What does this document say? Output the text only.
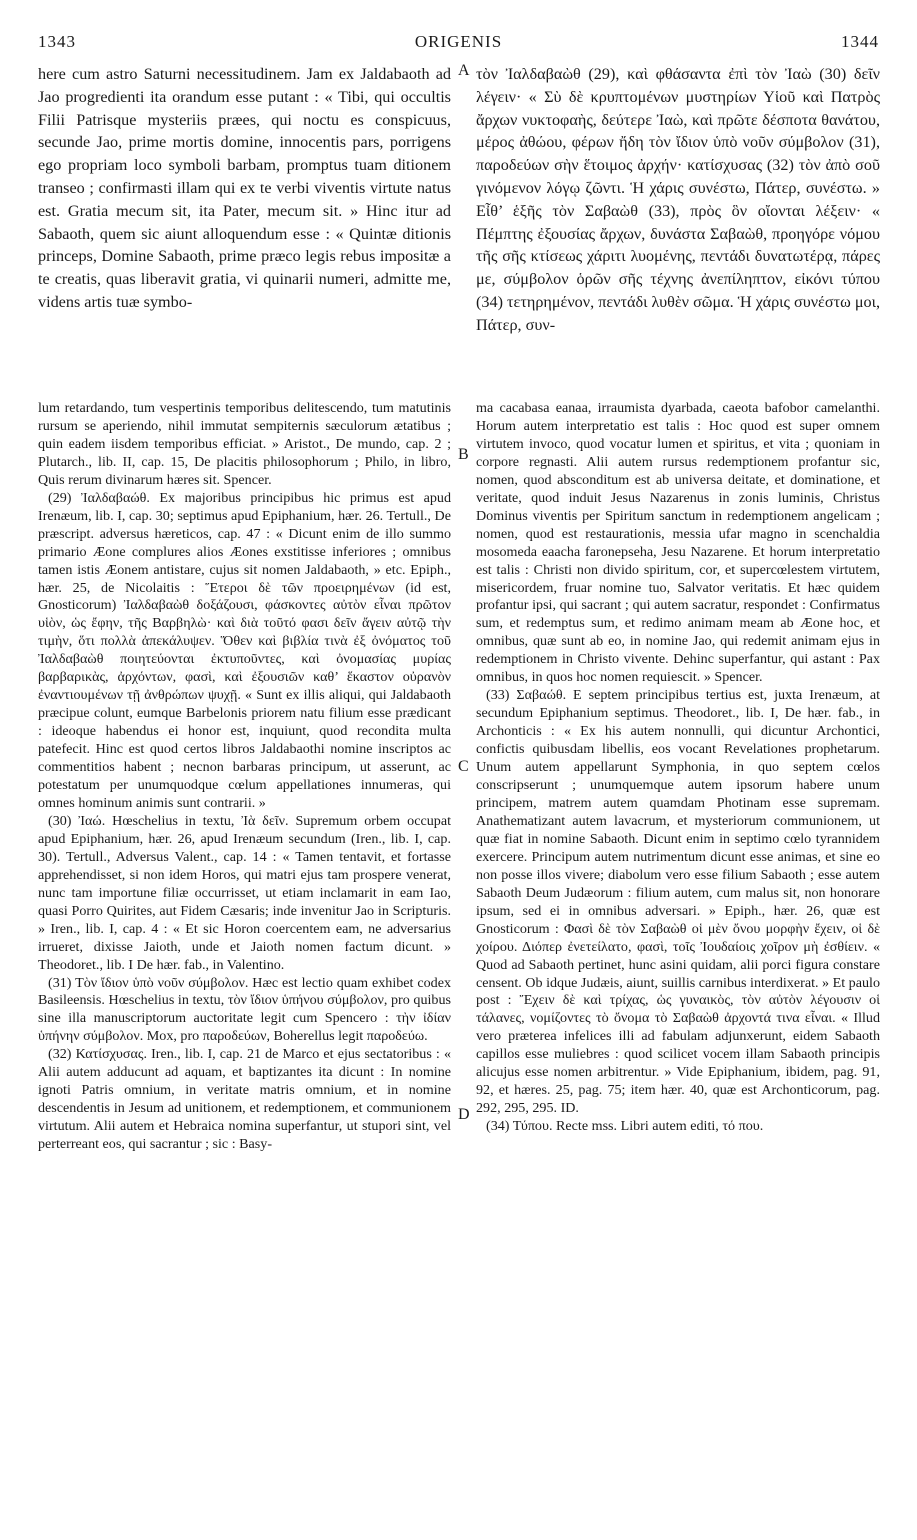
1343	ORIGENIS	1344
A
B
C
D

here cum astro Saturni necessitudinem. Jam ex Jaldabaoth ad Jao progredienti ita orandum esse putant : « Tibi, qui occultis Filii Patrisque mysteriis præes, qui noctu es conspicuus, secunde Jao, prime mortis domine, innocentis pars, porrigens ego propriam loco symboli barbam, promptus tuam ditionem transeo ; confirmasti illam qui ex te verbi viventis virtute natus est. Gratia mecum sit, ita Pater, mecum sit. » Hinc itur ad Sabaoth, quem sic aiunt alloquendum esse : « Quintæ ditionis princeps, Domine Sabaoth, prime præco legis rebus impositæ a te creatis, quas liberavit gratia, vi quinarii numeri, admitte me, videns artis tuæ symbo-

τὸν Ἰαλδαβαὼθ (29), καὶ φθάσαντα ἐπὶ τὸν Ἰαὼ (30) δεῖν λέγειν· « Σὺ δὲ κρυπτομένων μυστηρίων Υἱοῦ καὶ Πατρὸς ἄρχων νυκτοφαὴς, δεύτερε Ἰαὼ, καὶ πρῶτε δέσποτα θανάτου, μέρος ἀθώου, φέρων ἤδη τὸν ἴδιον ὑπὸ νοῦν σύμβολον (31), παροδεύων σὴν ἕτοιμος ἀρχήν· κατίσχυσας (32) τὸν ἀπὸ σοῦ γινόμενον λόγῳ ζῶντι. Ἡ χάρις συνέστω, Πάτερ, συνέστω. » Εἶθ’ ἑξῆς τὸν Σαβαὼθ (33), πρὸς ὃν οἴονται λέξειν· « Πέμπτης ἐξουσίας ἄρχων, δυνάστα Σαβαὼθ, προηγόρε νόμου τῆς σῆς κτίσεως χάριτι λυομένης, πεντάδι δυνατωτέρᾳ, πάρες με, σύμβολον ὁρῶν σῆς τέχνης ἀνεπίληπτον, εἰκόνι τύπου (34) τετηρημένον, πεντάδι λυθὲν σῶμα. Ἡ χάρις συνέστω μοι, Πάτερ, συν-

lum retardando, tum vespertinis temporibus delitescendo, tum matutinis rursum se aperiendo, nihil immutat sempiternis sæculorum ætatibus ; quin eadem iisdem temporibus efficiat. » Aristot., De mundo, cap. 2 ; Plutarch., lib. II, cap. 15, De placitis philosophorum ; Philo, in libro, Quis rerum divinarum hæres sit. Spencer.

(29) Ἰαλδαβαώθ. Ex majoribus principibus hic primus est apud Irenæum, lib. I, cap. 30; septimus apud Epiphanium, hær. 26. Tertull., De præscript. adversus hæreticos, cap. 47 : « Dicunt enim de illo summo primario Æone complures alios Æones exstitisse inferiores ; omnibus tamen istis Æonem antistare, cujus sit nomen Jaldabaoth, » etc. Epiph., hær. 25, de Nicolaitis : Ἕτεροι δὲ τῶν προειρημένων (id est, Gnosticorum) Ἰαλδαβαὼθ δοξάζουσι, φάσκοντες αὐτὸν εἶναι πρῶτον υἱὸν, ὡς ἔφην, τῆς Βαρβηλὼ· καὶ διὰ τοῦτό φασι δεῖν ἄγειν αὐτῷ τὴν τιμὴν, ὅτι πολλὰ ἀπεκάλυψεν. Ὅθεν καὶ βιβλία τινὰ ἐξ ὀνόματος τοῦ Ἰαλδαβαὼθ ποιητεύονται ἐκτυποῦντες, καὶ ὀνομασίας μυρίας βαρβαρικὰς, ἀρχόντων, φασὶ, καὶ ἐξουσιῶν καθ’ ἕκαστον οὐρανὸν ἐναντιουμένων τῇ ἀνθρώπων ψυχῇ. « Sunt ex illis aliqui, qui Jaldabaoth præcipue colunt, eumque Barbelonis priorem natu filium esse prædicant : ideoque habendus ei honor est, inquiunt, quod recondita multa patefecit. Hinc est quod certos libros Jaldabaothi nomine inscriptos ac commentitios habent ; necnon barbaras principum, ut asserunt, ac potestatum per unumquodque cœlum appellationes innumeras, qui omnes hominum animis sunt contrarii. »

(30) Ἰαώ. Hœschelius in textu, Ἰὰ δεῖν. Supremum orbem occupat apud Epiphanium, hær. 26, apud Irenæum secundum (Iren., lib. I, cap. 30). Tertull., Adversus Valent., cap. 14 : « Tamen tentavit, et fortasse apprehendisset, si non idem Horos, qui matri ejus tam prospere venerat, nunc tam importune filiæ occurrisset, ut etiam inclamarit in eam Iao, quasi Porro Quirites, aut Fidem Cæsaris; inde invenitur Jao in Scripturis. » Iren., lib. I, cap. 4 : « Et sic Horon coercentem eam, ne adversarius irrueret, dixisse Jaioth, unde et Jaioth nomen factum dicunt. » Theodoret., lib. I De hær. fab., in Valentino.

(31) Τὸν ἴδιον ὑπὸ νοῦν σύμβολον. Hæc est lectio quam exhibet codex Basileensis. Hœschelius in textu, τὸν ἴδιον ὑπήνου σύμβολον, pro quibus sine illa manuscriptorum auctoritate legit cum Spencero : τὴν ἰδίαν ὑπήνην σύμβολον. Mox, pro παροδεύων, Boherellus legit παροδεύω.

(32) Κατίσχυσας. Iren., lib. I, cap. 21 de Marco et ejus sectatoribus : « Alii autem adducunt ad aquam, et baptizantes ita dicunt : In nomine ignoti Patris omnium, in veritate matris omnium, et in nomine descendentis in Jesum ad unitionem, et redemptionem, et communionem virtutum. Alii autem et Hebraica nomina superfantur, ut stupori sint, vel perterreant eos, qui sacrantur ; sic : Basy-

ma cacabasa eanaa, irraumista dyarbada, caeota bafobor camelanthi. Horum autem interpretatio est talis : Hoc quod est super omnem virtutem invoco, quod vocatur lumen et spiritus, et vita ; quoniam in corpore regnasti. Alii autem rursus redemptionem profantur sic, nomen, quod absconditum est ab universa deitate, et dominatione, et veritate, quod induit Jesus Nazarenus in zonis luminis, Christus Dominus viventis per Spiritum sanctum in redemptionem angelicam ; nomen, quod est restaurationis, messia ufar magno in scenchaldia mosomeda eaacha faronepseha, Jesu Nazarene. Et horum interpretatio est talis : Christi non divido spiritum, cor, et supercœlestem virtutem, misericordem, fruar nomine tuo, Salvator veritatis. Et hæc quidem profantur ipsi, qui sacrant ; qui autem sacratur, respondet : Confirmatus sum, et redemptus sum, et redimo animam meam ab Æone hoc, et omnibus, quæ sunt ab eo, in nomine Jao, qui redemit animam ejus in redemptionem in Christo vivente. Dehinc superfantur, qui astant : Pax omnibus, in quos hoc nomen requiescit. » Spencer.

(33) Σαβαώθ. E septem principibus tertius est, juxta Irenæum, at secundum Epiphanium septimus. Theodoret., lib. I, De hær. fab., in Archonticis : « Ex his autem nonnulli, qui dicuntur Archontici, confictis quibusdam libellis, eos vocant Revelationes prophetarum. Unum autem appellarunt Symphonia, in quo septem cœlos conscripserunt ; unumquemque autem ipsorum habere unum principem, matrem autem quamdam Photinam esse supremam. Anathematizant autem lavacrum, et mysteriorum communionem, ut quæ fiat in nomine Sabaoth. Dicunt enim in septimo cœlo tyrannidem exercere. Principum autem nutrimentum dicunt esse animas, et sine eo non posse illos vivere; diabolum vero esse filium Sabaoth ; esse autem Sabaoth Deum Judæorum : filium autem, cum malus sit, non honorare ipsum, sed ei in omnibus adversari. » Epiph., hær. 26, quæ est Gnosticorum : Φασὶ δὲ τὸν Σαβαὼθ οἱ μὲν ὄνου μορφὴν ἔχειν, οἱ δὲ χοίρου. Διόπερ ἐνετείλατο, φασὶ, τοῖς Ἰουδαίοις χοῖρον μὴ ἐσθίειν. « Quod ad Sabaoth pertinet, hunc asini quidam, alii porci figura constare censent. Ob idque Judæis, aiunt, suillis carnibus interdixerat. » Et paulo post : Ἔχειν δὲ καὶ τρίχας, ὡς γυναικὸς, τὸν αὐτὸν λέγουσιν οἱ τάλανες, νομίζοντες τὸ ὄνομα τὸ Σαβαὼθ ἀρχοντά τινα εἶναι. « Illud vero præterea infelices illi ad fabulam adjunxerunt, eidem Sabaoth capillos esse muliebres : quod scilicet vocem illam Sabaoth principis alicujus esse nomen arbitrentur. » Vide Epiphanium, ibidem, pag. 91, 92, et hæres. 25, pag. 75; item hær. 40, quæ est Archonticorum, pag. 292, 295, 295. ID.

(34) Τύπου. Recte mss. Libri autem editi, τό που.
